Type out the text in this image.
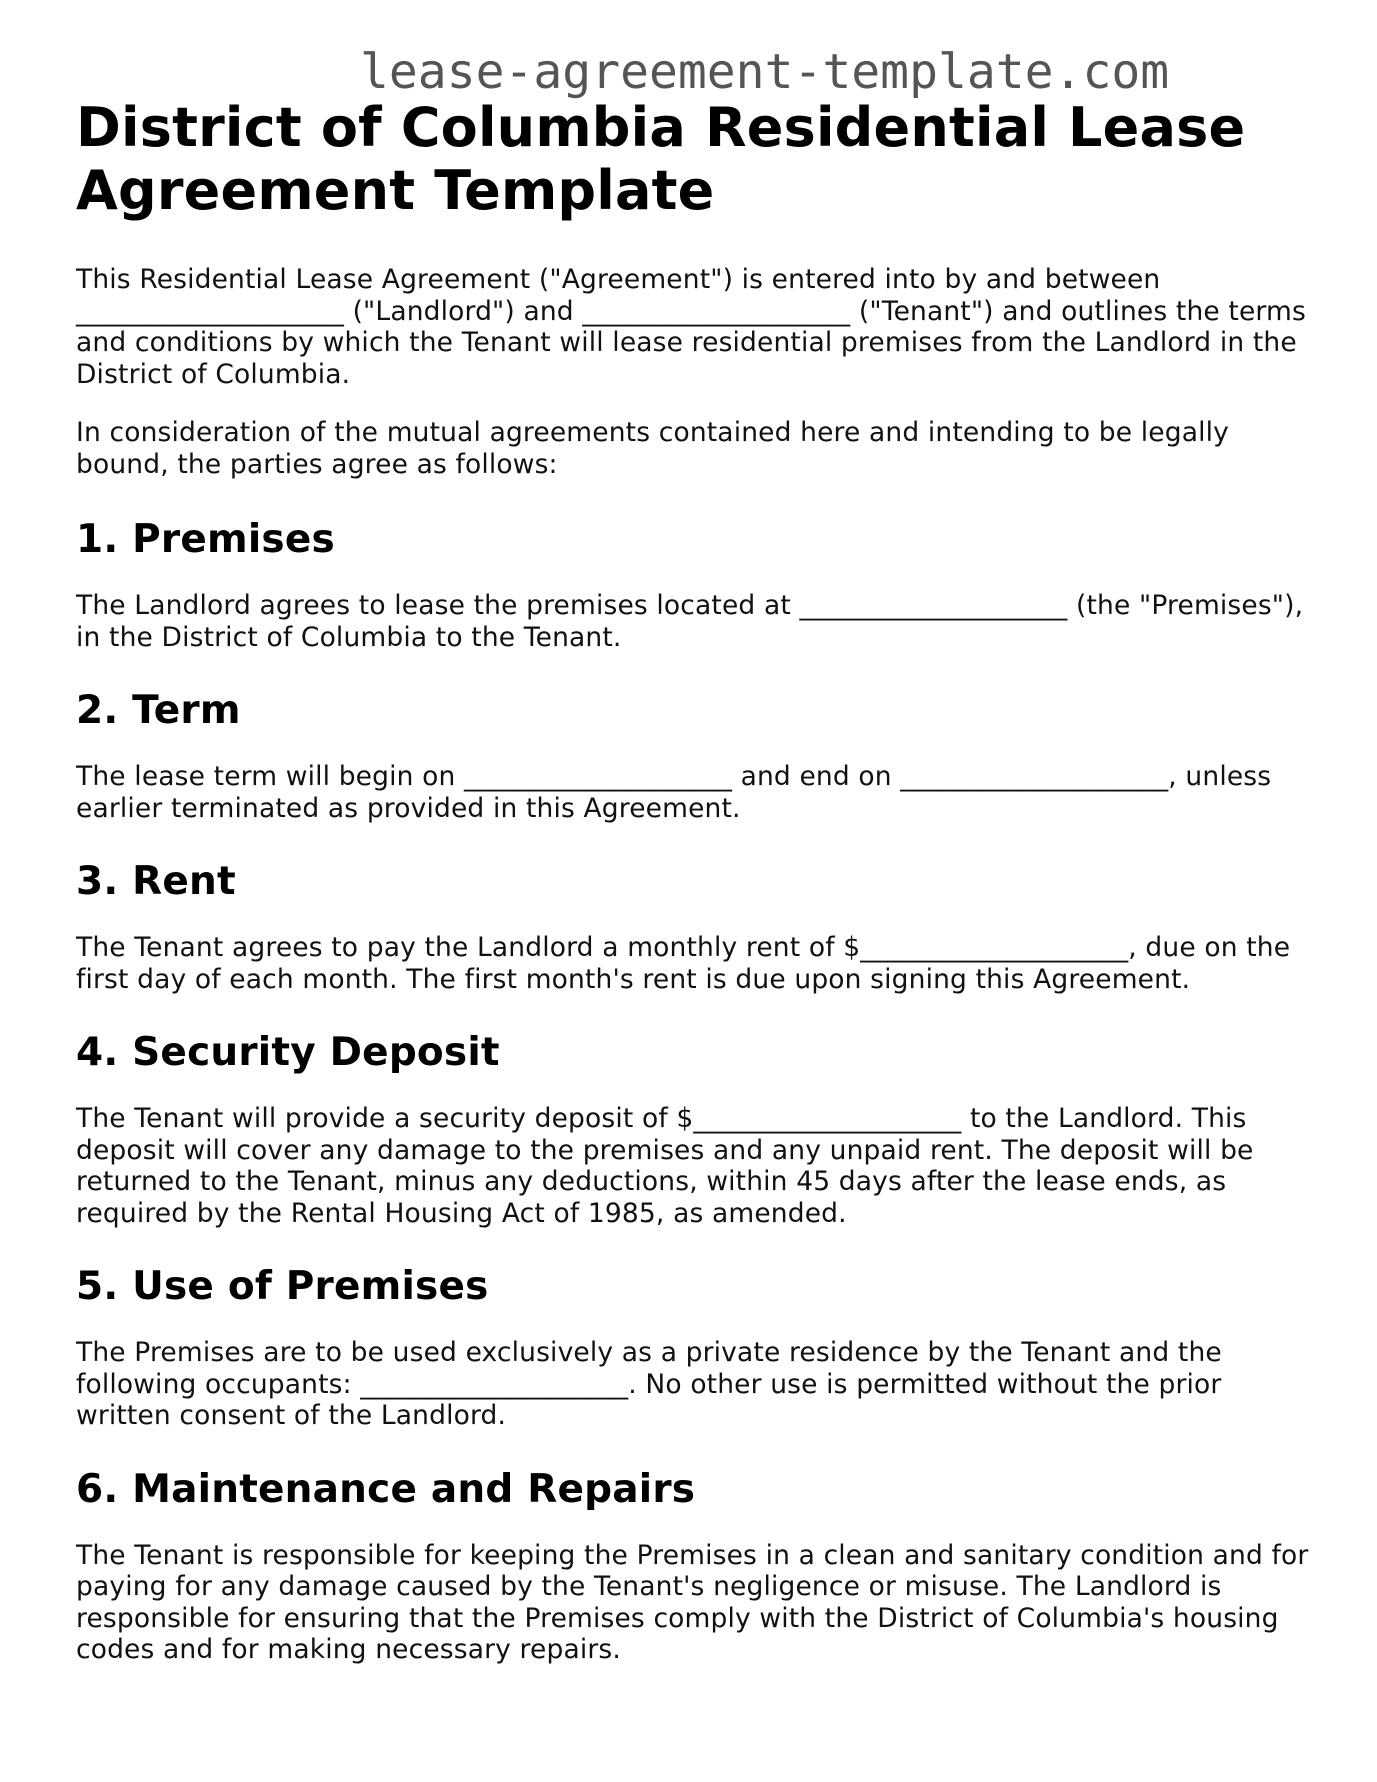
lease-agreement-template.com
District of Columbia Residential Lease Agreement Template

This Residential Lease Agreement ("Agreement") is entered into by and between ____________________ ("Landlord") and ____________________ ("Tenant") and outlines the terms and conditions by which the Tenant will lease residential premises from the Landlord in the District of Columbia.

In consideration of the mutual agreements contained here and intending to be legally bound, the parties agree as follows:

1. Premises

The Landlord agrees to lease the premises located at ____________________ (the "Premises"), in the District of Columbia to the Tenant.

2. Term

The lease term will begin on ____________________ and end on ____________________, unless earlier terminated as provided in this Agreement.

3. Rent

The Tenant agrees to pay the Landlord a monthly rent of $____________________, due on the first day of each month. The first month's rent is due upon signing this Agreement.

4. Security Deposit

The Tenant will provide a security deposit of $____________________ to the Landlord. This deposit will cover any damage to the premises and any unpaid rent. The deposit will be returned to the Tenant, minus any deductions, within 45 days after the lease ends, as required by the Rental Housing Act of 1985, as amended.

5. Use of Premises

The Premises are to be used exclusively as a private residence by the Tenant and the following occupants: ____________________. No other use is permitted without the prior written consent of the Landlord.

6. Maintenance and Repairs

The Tenant is responsible for keeping the Premises in a clean and sanitary condition and for paying for any damage caused by the Tenant's negligence or misuse. The Landlord is responsible for ensuring that the Premises comply with the District of Columbia's housing codes and for making necessary repairs.
